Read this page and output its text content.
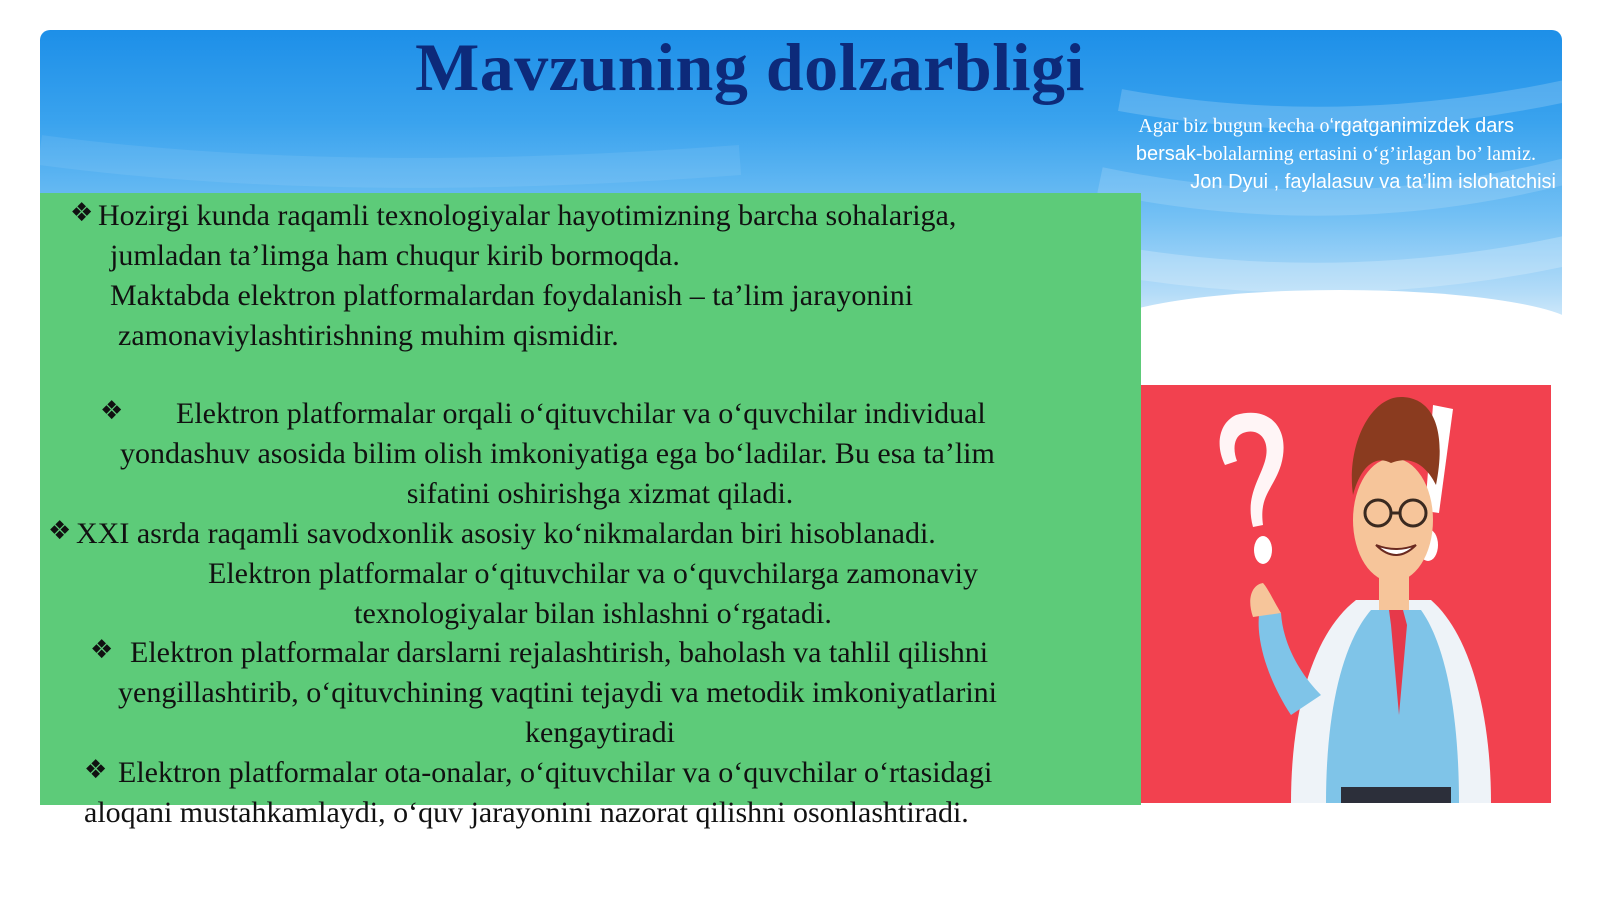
Mavzuning dolzarbligi
Agar biz bugun kecha o‘rgatganimizdek dars
bersak-bolalarning ertasini o‘g’irlagan bo’ lamiz.
Jon Dyui , faylalasuv va ta’lim islohatchisi
❖ Hozirgi kunda raqamli texnologiyalar hayotimizning barcha sohalariga,
jumladan ta’limga ham chuqur kirib bormoqda.
Maktabda elektron platformalardan foydalanish – ta’lim jarayonini
zamonaviylashtirishning muhim qismidir.
❖ Elektron platformalar orqali o‘qituvchilar va o‘quvchilar individual
yondashuv asosida bilim olish imkoniyatiga ega bo‘ladilar. Bu esa ta’lim
sifatini oshirishga xizmat qiladi.
❖ XXI asrda raqamli savodxonlik asosiy ko‘nikmalardan biri hisoblanadi.
Elektron platformalar o‘qituvchilar va o‘quvchilarga zamonaviy
texnologiyalar bilan ishlashni o‘rgatadi.
❖ Elektron platformalar darslarni rejalashtirish, baholash va tahlil qilishni
yengillashtirib, o‘qituvchining vaqtini tejaydi va metodik imkoniyatlarini
kengaytiradi
❖ Elektron platformalar ota-onalar, o‘qituvchilar va o‘quvchilar o‘rtasidagi
aloqani mustahkamlaydi, o‘quv jarayonini nazorat qilishni osonlashtiradi.
